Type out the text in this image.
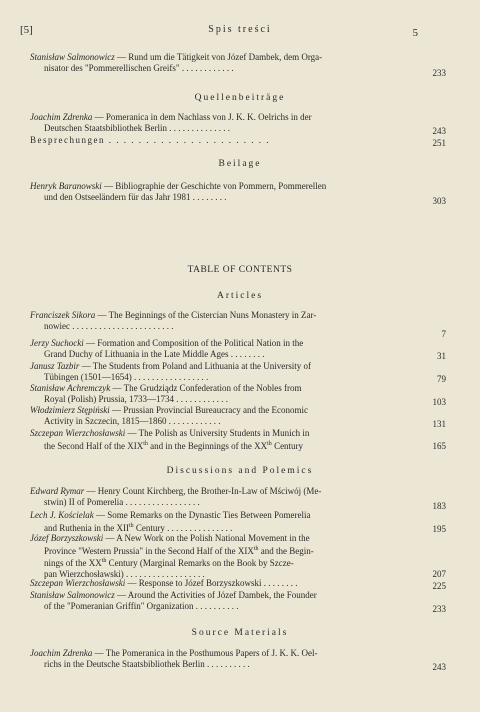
[5]	Spis treści	5
Stanisław Salmonowicz — Rund um die Tätigkeit von Józef Dambek, dem Orga-
nisator des "Pommerellischen Greifs" . . . . . . . . . . . .
233
Quellenbeiträge
Joachim Zdrenka — Pomeranica in dem Nachlass von J. K. K. Oelrichs in der
Deutschen Staatsbibliothek Berlin . . . . . . . . . . . . . .	243
Besprechungen . . . . . . . . . . . . . . . . . . . . . .	251
Beilage
Henryk Baranowski — Bibliographie der Geschichte von Pommern, Pommerellen
und den Ostseeländern für das Jahr 1981 . . . . . . . .	303
TABLE OF CONTENTS
Articles
Franciszek Sikora — The Beginnings of the Cistercian Nuns Monastery in Zar-
nowiec . . . . . . . . . . . . . . . . . . . . . . .
7
Jerzy Suchocki — Formation and Composition of the Political Nation in the
Grand Duchy of Lithuania in the Late Middle Ages . . . . . . . .	31
Janusz Tazbir — The Students from Poland and Lithuania at the University of
Tübingen (1501—1654) . . . . . . . . . . . . . . . . .	79
Stanisław Achremczyk — The Grudziądz Confederation of the Nobles from
Royal (Polish) Prussia, 1733—1734 . . . . . . . . . . . .	103
Włodzimierz Stępiński — Prussian Provincial Bureaucracy and the Economic
Activity in Szczecin, 1815—1860 . . . . . . . . . . . .	131
Szczepan Wierzchosławski — The Polish as University Students in Munich in
the Second Half of the XIXth and in the Beginnings of the XXth Century	165
Discussions and Polemics
Edward Rymar — Henry Count Kirchberg, the Brother-In-Law of Mściwój (Me-
stwin) II of Pomerelia . . . . . . . . . . . . . . . . .	183
Lech J. Kościelak — Some Remarks on the Dynastic Ties Between Pomerelia
and Ruthenia in the XIIth Century . . . . . . . . . . . . . . .	195
Józef Borzyszkowski — A New Work on the Polish National Movement in the
Province "Western Prussia" in the Second Half of the XIXth and the Begin-
nings of the XXth Century (Marginal Remarks on the Book by Szcze-
pan Wierzchosławski) . . . . . . . . . . . . . . . . . .	207
Szczepan Wierzchosławski — Response to Józef Borzyszkowski . . . . . . . .	225
Stanisław Salmonowicz — Around the Activities of Józef Dambek, the Founder
of the "Pomeranian Griffin" Organization . . . . . . . . . .	233
Source Materials
Joachim Zdrenka — The Pomeranica in the Posthumous Papers of J. K. K. Oel-
richs in the Deutsche Staatsbibliothek Berlin . . . . . . . . . .	243
